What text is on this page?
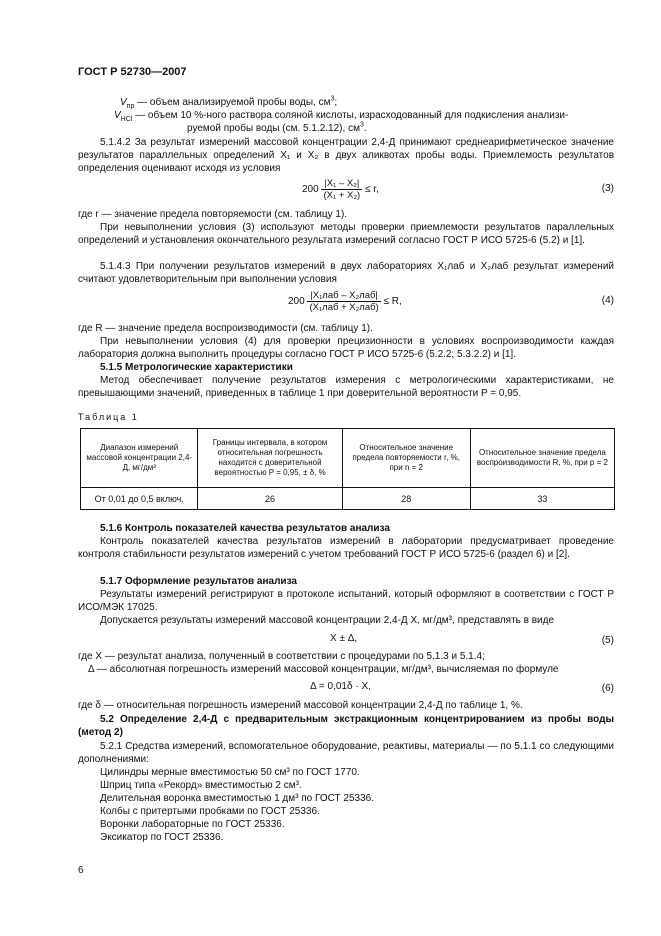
ГОСТ Р 52730—2007
$V_{пр}$ — объем анализируемой пробы воды, $см^3$;
$V_{HCl}$ — объем 10 %-ного раствора соляной кислоты, израсходованный для подкисления анализи-
руемой пробы воды (см. 5.1.2.12), $см^3$.
5.1.4.2 За результат измерений массовой концентрации 2,4-Д принимают среднеарифметическое значение результатов параллельных определений X₁ и X₂ в двух аликвотах пробы воды. Приемлемость результатов определения оценивают исходя из условия
$200 \frac{\text{|X₁ – X₂|}}{\text{(X₁ + X₂)}} \le r$,	(3)
где r — значение предела повторяемости (см. таблицу 1).
При невыполнении условия (3) используют методы проверки приемлемости результатов параллельных определений и установления окончательного результата измерений согласно ГОСТ Р ИСО 5725-6 (5.2) и [1].
5.1.4.3 При получении результатов измерений в двух лабораториях X₁лаб и X₂лаб результат измерений считают удовлетворительным при выполнении условия
$200 \frac{\text{|X₁лаб – X₂лаб|}}{\text{(X₁лаб + X₂лаб)}} \le R$,	(4)
где R — значение предела воспроизводимости (см. таблицу 1).
При невыполнении условия (4) для проверки прецизионности в условиях воспроизводимости каждая лаборатория должна выполнить процедуры согласно ГОСТ Р ИСО 5725-6 (5.2.2; 5.3.2.2) и [1].
5.1.5 Метрологические характеристики
Метод обеспечивает получение результатов измерения с метрологическими характеристиками, не превышающими значений, приведенных в таблице 1 при доверительной вероятности P = 0,95.
Таблица 1
Диапазон измерений массовой концентрации 2,4-Д, мг/дм³	Границы интервала, в котором относительная погрешность находится с доверительной вероятностью P = 0,95, ± δ, %	Относительное значение предела повторяемости r, %, при n = 2	Относительное значение предела воспроизводимости R, %, при p = 2
От 0,01 до 0,5 включ.	26	28	33
5.1.6 Контроль показателей качества результатов анализа
Контроль показателей качества результатов измерений в лаборатории предусматривает проведение контроля стабильности результатов измерений с учетом требований ГОСТ Р ИСО 5725-6 (раздел 6) и [2].
5.1.7 Оформление результатов анализа
Результаты измерений регистрируют в протоколе испытаний, который оформляют в соответствии с ГОСТ Р ИСО/МЭК 17025.
Допускается результаты измерений массовой концентрации 2,4-Д X, мг/дм³, представлять в виде
X ± Δ,	(5)
где X — результат анализа, полученный в соответствии с процедурами по 5.1.3 и 5.1.4;
Δ — абсолютная погрешность измерений массовой концентрации, мг/дм³, вычисляемая по формуле
Δ = 0,01δ · X,	(6)
где δ — относительная погрешность измерений массовой концентрации 2,4-Д по таблице 1, %.
5.2 Определение 2,4-Д с предварительным экстракционным концентрированием из пробы воды (метод 2)
5.2.1 Средства измерений, вспомогательное оборудование, реактивы, материалы — по 5.1.1 со следующими дополнениями:
Цилиндры мерные вместимостью 50 см³ по ГОСТ 1770.
Шприц типа «Рекорд» вместимостью 2 см³.
Делительная воронка вместимостью 1 дм³ по ГОСТ 25336.
Колбы с притертыми пробками по ГОСТ 25336.
Воронки лабораторные по ГОСТ 25336.
Эксикатор по ГОСТ 25336.
6
